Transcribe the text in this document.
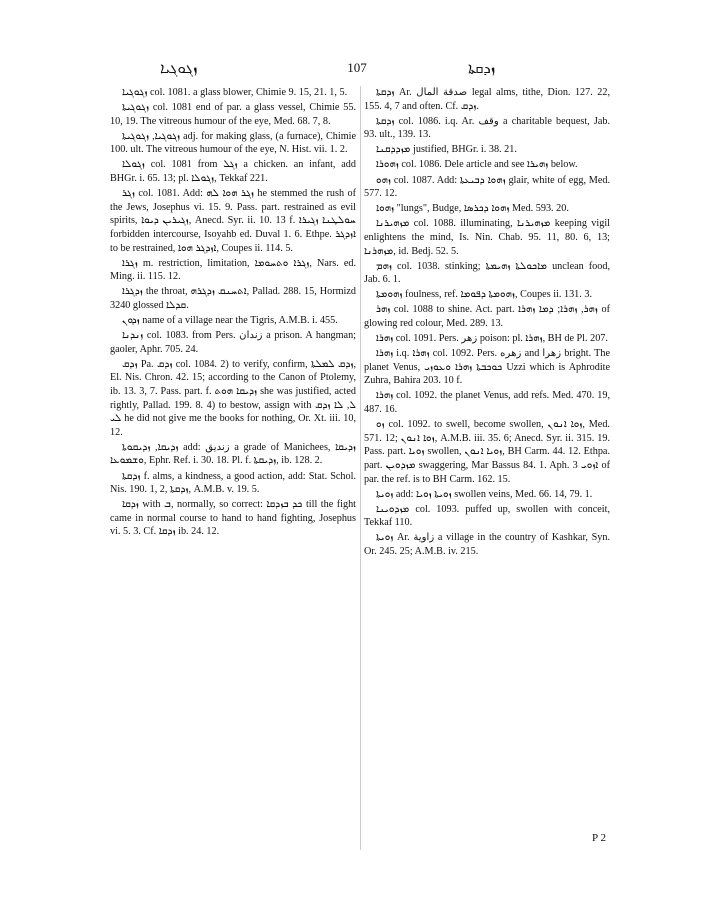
ܙܓܘܓܝܐ	107	ܙܕܩܬܐ

ܙܓܘܓܝܐ col. 1081. a glass blower, Chimie 9. 15, 21. 1, 5.

ܙܓܘܓܝܬܐ col. 1081 end of par. a glass vessel, Chimie 55. 10, 19. The vitreous humour of the eye, Med. 68. 7, 8.

ܙܓܘܓܝܐ, ܙܓܘܓܝܬܐ adj. for making glass, (a furnace), Chimie 100. ult. The vitreous humour of the eye, N. Hist. vii. 1. 2.

ܙܓܘܠܐ col. 1081 from ܙܓܠ a chicken. an infant, add BHGr. i. 65. 13; pl. ܙܓܘܠܐ, Tekkaf 221.

ܙܓܪ col. 1081. Add: ܙܓܪ ܗܘܐ ܠܗ he stemmed the rush of the Jews, Josephus vi. 15. 9. Pass. part. restrained as evil spirits, ܙܓܝܪܝܢ ܕܝܘܐ, Anecd. Syr. ii. 10. 13 f. ܚܘܠܛܢܐ ܙܓܝܪܐ forbidden intercourse, Isoyahb ed. Duval 1. 6. Ethpe. ܐܙܕܓܪ to be restrained, ܐܙܕܓܪ ܗܘܐ, Coupes ii. 114. 5.

ܙܓܪܐ m. restriction, limitation, ܙܓܪܐ ܘܬܚܘܡܐ, Nars. ed. Ming. ii. 115. 12.

ܙܕܓܪܐ the throat, ܐܬܚܢܩ ܙܕܓܪܗ, Pallad. 288. 15, Hormizd 3240 glossed ܩܕܠܐ.

ܙܕܘܢ name of a village near the Tigris, A.M.B. i. 455.

ܙܢܕܢܐ col. 1083. from Pers. زندان a prison. A hangman; gaoler, Aphr. 705. 24.

ܙܕܩ Pa. ܙܕܩ col. 1084. 2) to verify, confirm, ܙܕܩ ܠܡܠܬܐ, El. Nis. Chron. 42. 15; according to the Canon of Ptolemy, ib. 13. 3, 7. Pass. part. f. ܙܕܝܩܐ ܗܘܬ she was justified, acted rightly, Pallad. 199. 8. 4) to bestow, assign with ܠ, ܠܐ ܙܕܩ ܠܝ he did not give me the books for nothing, Or. Xt. iii. 10, 12.

ܙܕܝܩܐ, ܙܕܝܩܘܬܐ add: زنديق a grade of Manichees, ܙܕܝܩܐ ܘܫܡܘܥܐ, Ephr. Ref. i. 30. 18. Pl. f. ܙܕܝܩܬܐ, ib. 128. 2.

ܙܕܩܬܐ f. alms, a kindness, a good action, add: Stat. Schol. Nis. 190. 1, 2, ܙܕܩܬܐ, A.M.B. v. 19. 5.

ܙܕܩܐ with ܒ, normally, so correct: ܟܕ ܒܙܕܩܐ till the fight came in normal course to hand to hand fighting, Josephus vi. 5. 3. Cf. ܙܕܩܐ ib. 24. 12.

ܙܕܩܬܐ Ar. صدقة المال legal alms, tithe, Dion. 127. 22, 155. 4, 7 and often. Cf. ܙܕܩ.

ܙܕܩܬܐ col. 1086. i.q. Ar. وقف a charitable bequest, Jab. 93. ult., 139. 13.

ܡܙܕܕܩܢܐ justified, BHGr. i. 38. 21.

ܙܗܘܪܐ col. 1086. Dele article and see ܙܗܝܪܐ below.

ܙܗܘ col. 1087. Add: ܙܗܘܐ ܕܒܝܥܬܐ glair, white of egg, Med. 577. 12.

ܙܗܘܐ "lungs", Budge, ܙܗܘܐ ܕܟܪܣܐ Med. 593. 20.

ܡܙܗܝܪܢܐ col. 1088. illuminating, ܡܙܗܝܪܢܐ keeping vigil enlightens the mind, Is. Nin. Chab. 95. 11, 80. 6, 13; ܡܙܗܪܢܐ, id. Bedj. 52. 5.

ܙܗܡ col. 1038. stinking; ܡܐܟܘܠܬܐ ܙܗܝܡܬܐ unclean food, Jab. 6. 1.

ܙܗܘܡܬܐ foulness, ref. ܙܗܘܡܬܐ ܕܦܘܡܐ, Coupes ii. 131. 3.

ܙܗܪ col. 1088 to shine. Act. part. ܙܗܪ, ܙܗܪܐ; ܕܡܐ ܙܗܪܐ of glowing red colour, Med. 289. 13.

ܙܗܪܐ col. 1091. Pers. زهر poison: pl. ܙܗܪܐ, BH de Pl. 207.

ܙܗܪܐ i.q. ܙܗܪܐ col. 1092. Pers. زهره and زهرا bright. The planet Venus, ܟܘܟܒܬܐ ܙܗܪܐ ܘܥܘܙܝ Uzzi which is Aphrodite Zuhra, Bahira 203. 10 f.

ܙܗܪܐ col. 1092. the planet Venus, add refs. Med. 470. 19, 487. 16.

ܙܘ col. 1092. to swell, become swollen, ܙܘܐ ܐܢܘܢ, Med. 571. 12; ܙܘܐ ܐܢܘܢ, A.M.B. iii. 35. 6; Anecd. Syr. ii. 315. 19. Pass. part. ܙܘܝܐ swollen, ܙܘܝܐ ܐܢܘܢ, BH Carm. 44. 12. Ethpa. part. ܡܙܕܘܝܢ swaggering, Mar Bassus 84. 1. Aph. ܐܙܘܝ 3 of par. the ref. is to BH Carm. 162. 15.

ܙܘܝܬܐ add: ܙܘܝܬܐ ܙܘܝܐ swollen veins, Med. 66. 14, 79. 1.

ܡܙܕܘܝܢܐ col. 1093. puffed up, swollen with conceit, Tekkaf 110.

ܙܘܝܬܐ Ar. زاوية a village in the country of Kashkar, Syn. Or. 245. 25; A.M.B. iv. 215.

P 2
